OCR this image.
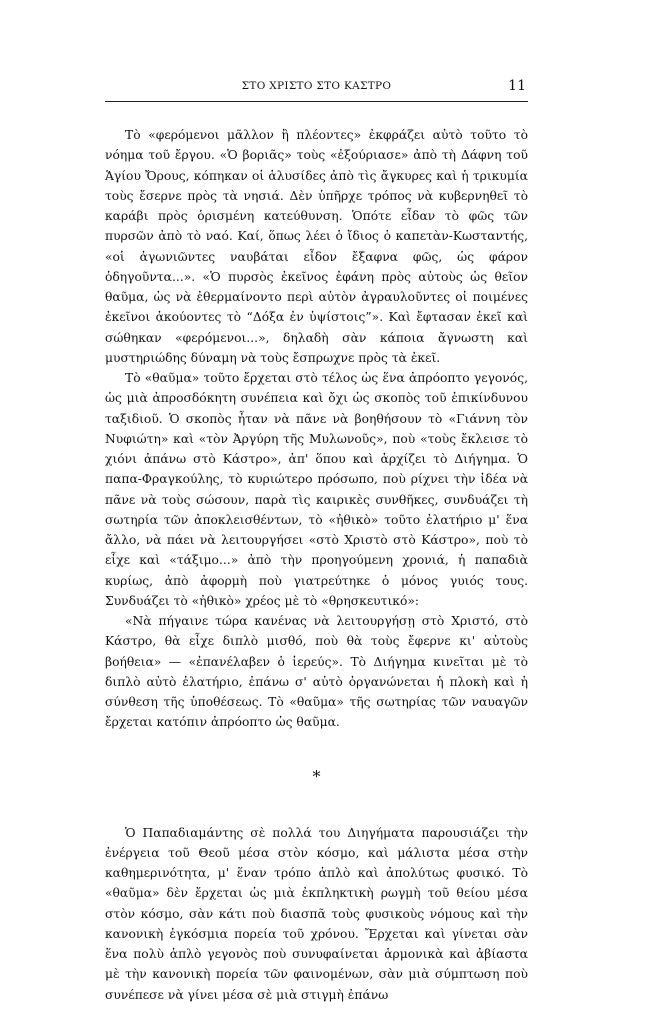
ΣΤΟ ΧΡΙΣΤΟ ΣΤΟ ΚΑΣΤΡΟ	11

Τὸ «φερόμενοι μᾶλλον ἢ πλέοντες» ἐκφράζει αὐτὸ τοῦτο τὸ νόημα τοῦ ἔργου. «Ὁ βοριᾶς» τοὺς «ἐξούριασε» ἀπὸ τὴ Δάφνη τοῦ Ἁγίου Ὄρους, κόπηκαν οἱ ἁλυσίδες ἀπὸ τὶς ἄγκυρες καὶ ἡ τρικυμία τοὺς ἔσερνε πρὸς τὰ νησιά. Δὲν ὑπῆρχε τρόπος νὰ κυβερνηθεῖ τὸ καράβι πρὸς ὁρισμένη κατεύθυνση. Ὁπότε εἶδαν τὸ φῶς τῶν πυρσῶν ἀπὸ τὸ ναό. Καί, ὅπως λέει ὁ ἴδιος ὁ καπετὰν-Κωσταντής, «οἱ ἀγωνιῶντες ναυβάται εἶδον ἔξαφνα φῶς, ὡς φάρον ὁδηγοῦντα...». «Ὁ πυρσὸς ἐκεῖνος ἐφάνη πρὸς αὐτοὺς ὡς θεῖον θαῦμα, ὡς νὰ ἐθερμαίνοντο περὶ αὐτὸν ἀγραυλοῦντες οἱ ποιμένες ἐκεῖνοι ἀκούοντες τὸ “Δόξα ἐν ὑψίστοις”». Καὶ ἔφτασαν ἐκεῖ καὶ σώθηκαν «φερόμενοι...», δηλαδὴ σὰν κάποια ἄγνωστη καὶ μυστηριώδης δύναμη νὰ τοὺς ἔσπρωχνε πρὸς τὰ ἐκεῖ.

Τὸ «θαῦμα» τοῦτο ἔρχεται στὸ τέλος ὡς ἕνα ἀπρόοπτο γεγονός, ὡς μιὰ ἀπροσδόκητη συνέπεια καὶ ὄχι ὡς σκοπὸς τοῦ ἐπικίνδυνου ταξιδιοῦ. Ὁ σκοπὸς ἦταν νὰ πᾶνε νὰ βοηθήσουν τὸ «Γιάννη τὸν Νυφιώτη» καὶ «τὸν Ἀργύρη τῆς Μυλωνοῦς», ποὺ «τοὺς ἔκλεισε τὸ χιόνι ἀπάνω στὸ Κάστρο», ἀπ' ὅπου καὶ ἀρχίζει τὸ Διήγημα. Ὁ παπα-Φραγκούλης, τὸ κυριώτερο πρόσωπο, ποὺ ρίχνει τὴν ἰδέα νὰ πᾶνε νὰ τοὺς σώσουν, παρὰ τὶς καιρικὲς συνθῆκες, συνδυάζει τὴ σωτηρία τῶν ἀποκλεισθέντων, τὸ «ἠθικὸ» τοῦτο ἐλατήριο μ' ἕνα ἄλλο, νὰ πάει νὰ λειτουργήσει «στὸ Χριστὸ στὸ Κάστρο», ποὺ τὸ εἶχε καὶ «τάξιμο...» ἀπὸ τὴν προηγούμενη χρονιά, ἡ παπαδιὰ κυρίως, ἀπὸ ἀφορμὴ ποὺ γιατρεύτηκε ὁ μόνος γυιός τους. Συνδυάζει τὸ «ἠθικὸ» χρέος μὲ τὸ «θρησκευτικό»:

«Νὰ πήγαινε τώρα κανένας νὰ λειτουργήσῃ στὸ Χριστό, στὸ Κάστρο, θὰ εἶχε διπλὸ μισθό, ποὺ θὰ τοὺς ἔφερνε κι' αὐτοὺς βοήθεια» — «ἐπανέλαβεν ὁ ἱερεύς». Τὸ Διήγημα κινεῖται μὲ τὸ διπλὸ αὐτὸ ἐλατήριο, ἐπάνω σ' αὐτὸ ὀργανώνεται ἡ πλοκὴ καὶ ἡ σύνθεση τῆς ὑποθέσεως. Τὸ «θαῦμα» τῆς σωτηρίας τῶν ναυαγῶν ἔρχεται κατόπιν ἀπρόοπτο ὡς θαῦμα.

*

Ὁ Παπαδιαμάντης σὲ πολλά του Διηγήματα παρουσιάζει τὴν ἐνέργεια τοῦ Θεοῦ μέσα στὸν κόσμο, καὶ μάλιστα μέσα στὴν καθημερινότητα, μ' ἕναν τρόπο ἁπλὸ καὶ ἀπολύτως φυσικό. Τὸ «θαῦμα» δὲν ἔρχεται ὡς μιὰ ἐκπληκτικὴ ρωγμὴ τοῦ θείου μέσα στὸν κόσμο, σὰν κάτι ποὺ διασπᾶ τοὺς φυσικοὺς νόμους καὶ τὴν κανονικὴ ἐγκόσμια πορεία τοῦ χρόνου. Ἔρχεται καὶ γίνεται σὰν ἕνα πολὺ ἁπλὸ γεγονὸς ποὺ συνυφαίνεται ἁρμονικὰ καὶ ἀβίαστα μὲ τὴν κανονικὴ πορεία τῶν φαινομένων, σὰν μιὰ σύμπτωση ποὺ συνέπεσε νὰ γίνει μέσα σὲ μιὰ στιγμὴ ἐπάνω
